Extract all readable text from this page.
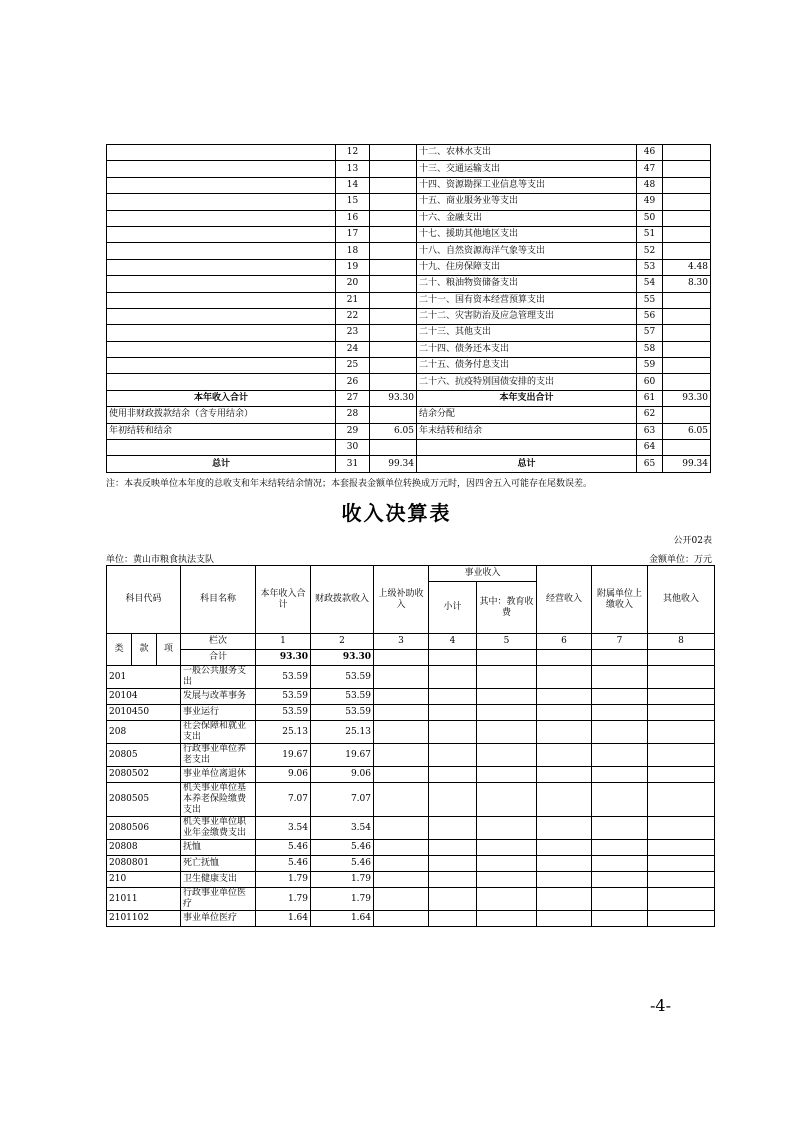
	12		十二、农林水支出	46	
	13		十三、交通运输支出	47	
	14		十四、资源勘探工业信息等支出	48	
	15		十五、商业服务业等支出	49	
	16		十六、金融支出	50	
	17		十七、援助其他地区支出	51	
	18		十八、自然资源海洋气象等支出	52	
	19		十九、住房保障支出	53	4.48
	20		二十、粮油物资储备支出	54	8.30
	21		二十一、国有资本经营预算支出	55	
	22		二十二、灾害防治及应急管理支出	56	
	23		二十三、其他支出	57	
	24		二十四、债务还本支出	58	
	25		二十五、债务付息支出	59	
	26		二十六、抗疫特别国债安排的支出	60	
本年收入合计	27	93.30	本年支出合计	61	93.30
使用非财政拨款结余（含专用结余）	28		结余分配	62	
年初结转和结余	29	6.05	年末结转和结余	63	6.05
	30			64	
总计	31	99.34	总计	65	99.34
注：本表反映单位本年度的总收支和年末结转结余情况；本套报表金额单位转换成万元时，因四舍五入可能存在尾数误差。
收入决算表
公开02表
单位：黄山市粮食执法支队	金额单位：万元
科目代码			科目名称	本年收入合计	财政拨款收入	上级补助收入	事业收入		经营收入	附属单位上缴收入	其他收入
							小计	其中：教育收费			
类	款	项	栏次	1	2	3	4	5	6	7	8
			合计	93.30	93.30						
201			一般公共服务支出	53.59	53.59						
20104			发展与改革事务	53.59	53.59						
2010450			事业运行	53.59	53.59						
208			社会保障和就业支出	25.13	25.13						
20805			行政事业单位养老支出	19.67	19.67						
2080502			事业单位离退休	9.06	9.06						
2080505			机关事业单位基本养老保险缴费支出	7.07	7.07						
2080506			机关事业单位职业年金缴费支出	3.54	3.54						
20808			抚恤	5.46	5.46						
2080801			死亡抚恤	5.46	5.46						
210			卫生健康支出	1.79	1.79						
21011			行政事业单位医疗	1.79	1.79						
2101102			事业单位医疗	1.64	1.64						
-4-
